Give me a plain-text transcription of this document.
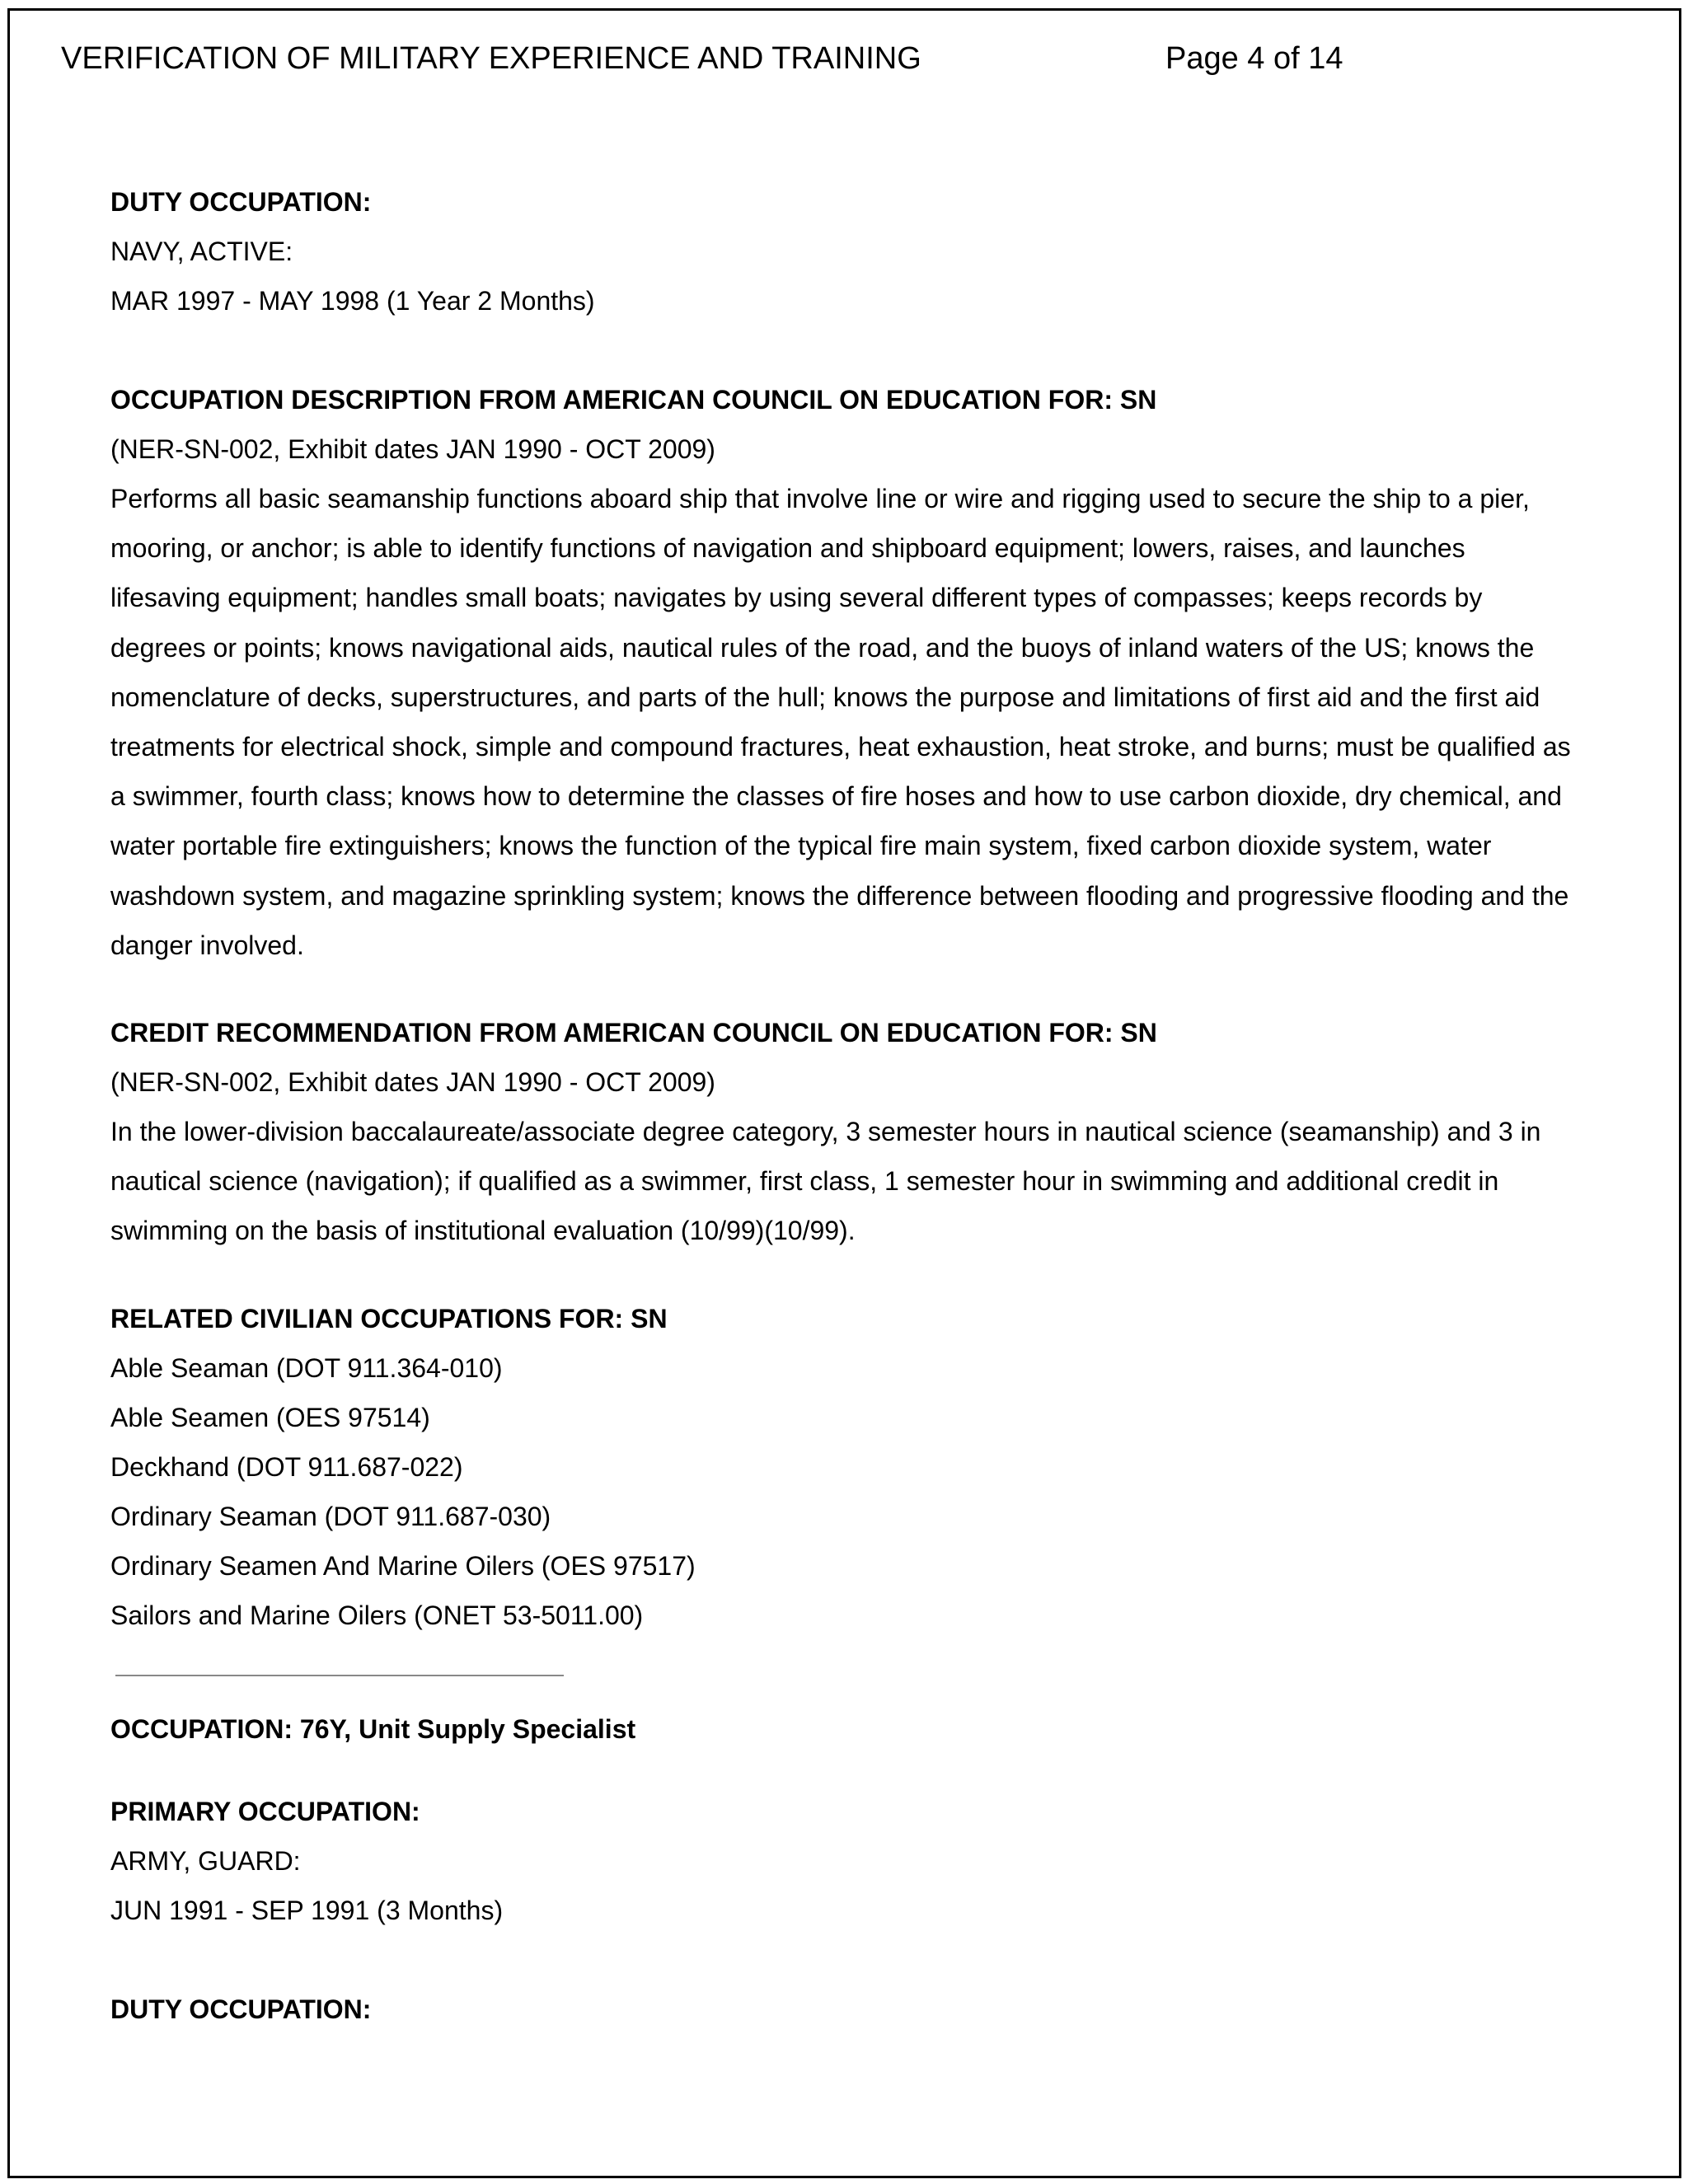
VERIFICATION OF MILITARY EXPERIENCE AND TRAINING	Page 4 of 14
DUTY OCCUPATION:
NAVY, ACTIVE:
MAR 1997 - MAY 1998 (1 Year 2 Months)
OCCUPATION DESCRIPTION FROM AMERICAN COUNCIL ON EDUCATION FOR: SN
(NER-SN-002, Exhibit dates JAN 1990 - OCT 2009)

Performs all basic seamanship functions aboard ship that involve line or wire and rigging used to secure the ship to a pier, mooring, or anchor; is able to identify functions of navigation and shipboard equipment; lowers, raises, and launches lifesaving equipment; handles small boats; navigates by using several different types of compasses; keeps records by degrees or points; knows navigational aids, nautical rules of the road, and the buoys of inland waters of the US; knows the nomenclature of decks, superstructures, and parts of the hull; knows the purpose and limitations of first aid and the first aid treatments for electrical shock, simple and compound fractures, heat exhaustion, heat stroke, and burns; must be qualified as a swimmer, fourth class; knows how to determine the classes of fire hoses and how to use carbon dioxide, dry chemical, and water portable fire extinguishers; knows the function of the typical fire main system, fixed carbon dioxide system, water washdown system, and magazine sprinkling system; knows the difference between flooding and progressive flooding and the danger involved.

CREDIT RECOMMENDATION FROM AMERICAN COUNCIL ON EDUCATION FOR: SN
(NER-SN-002, Exhibit dates JAN 1990 - OCT 2009)

In the lower-division baccalaureate/associate degree category, 3 semester hours in nautical science (seamanship) and 3 in nautical science (navigation); if qualified as a swimmer, first class, 1 semester hour in swimming and additional credit in swimming on the basis of institutional evaluation (10/99)(10/99).

RELATED CIVILIAN OCCUPATIONS FOR: SN
Able Seaman (DOT 911.364-010)
Able Seamen (OES 97514)
Deckhand (DOT 911.687-022)
Ordinary Seaman (DOT 911.687-030)
Ordinary Seamen And Marine Oilers (OES 97517)
Sailors and Marine Oilers (ONET 53-5011.00)
OCCUPATION: 76Y, Unit Supply Specialist
PRIMARY OCCUPATION:
ARMY, GUARD:
JUN 1991 - SEP 1991 (3 Months)
DUTY OCCUPATION:
